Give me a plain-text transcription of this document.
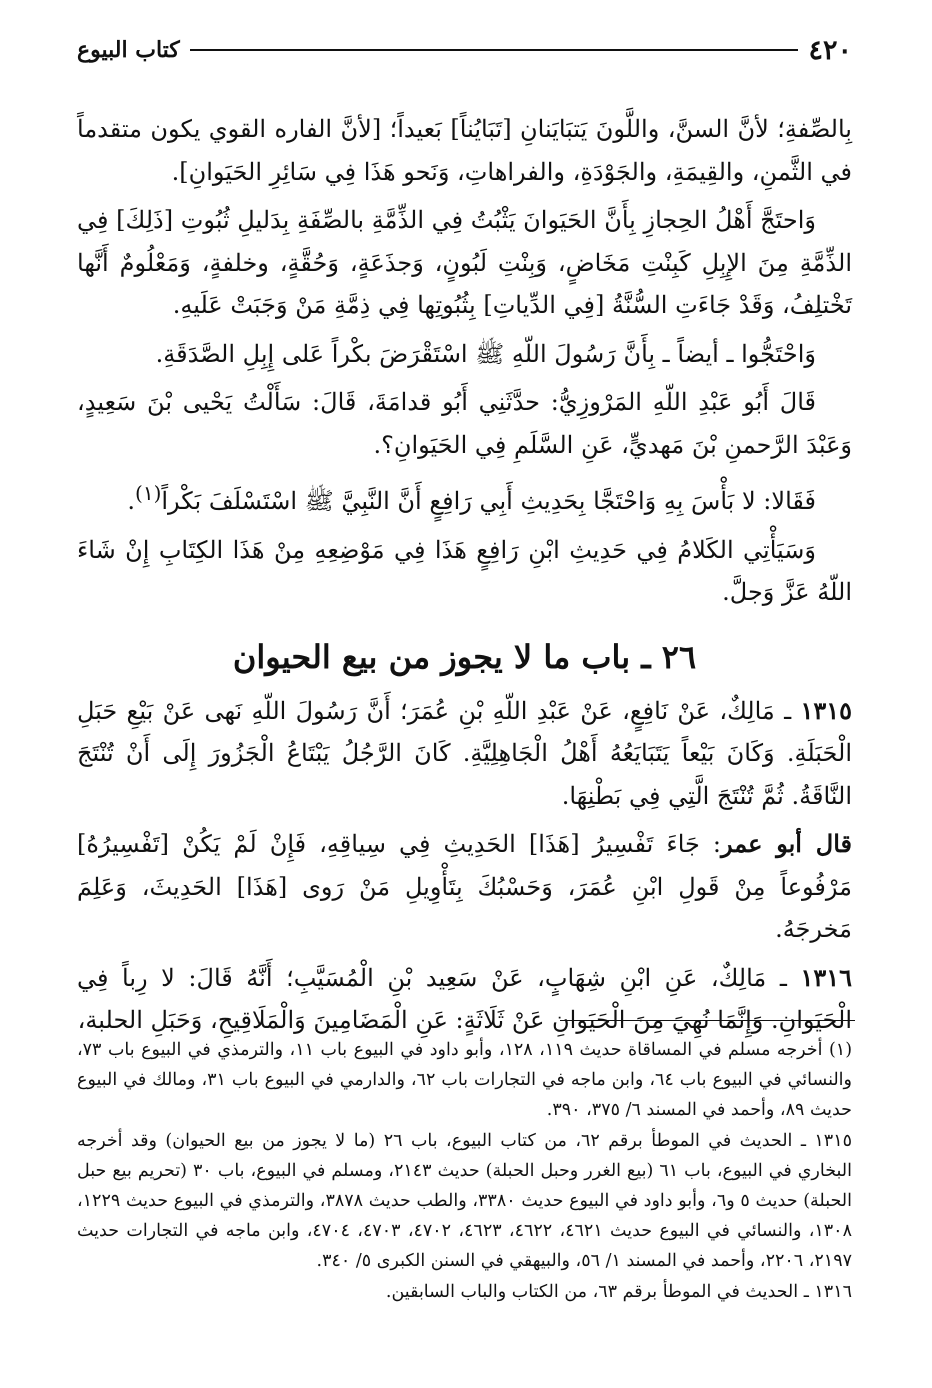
٤٢٠
كتاب البيوع

بِالصِّفةِ؛ لأنَّ السنَّ، واللَّونَ يَتبَايَنانِ [تَبَايُناً] بَعيداً؛ [لأنَّ الفاره القوي يكون متقدماً في الثَّمنِ، والقِيمَةِ، والجَوْدَةِ، والفراهاتِ، وَنَحو هَذَا فِي سَائِرِ الحَيَوانِ].

وَاحتَجَّ أَهْلُ الحِجازِ بِأَنَّ الحَيَوانَ يَثْبُتُ فِي الذِّمَّةِ بالصِّفَةِ بِدَليلِ ثُبُوتِ [ذَلِكَ] فِي الذِّمَّةِ مِنَ الإِبِلِ كَبِنْتِ مَخَاضٍ، وَبِنْتِ لَبُونٍ، وَجذَعَةٍ، وَحُقَّةٍ، وخلفةٍ، وَمَعْلُومٌ أَنَّها تَخْتلِفُ، وَقَدْ جَاءَتِ السُّنَّةُ [فِي الدِّياتِ] بِثُبُوتِها فِي ذِمَّةِ مَنْ وَجَبَتْ عَلَيهِ.

وَاحْتَجُّوا ـ أيضاً ـ بِأَنَّ رَسُولَ اللّهِ ﷺ اسْتَقْرَضَ بكْراً عَلى إِبِلِ الصَّدَقَةِ.

قَالَ أَبُو عَبْدِ اللّهِ المَرْوزِيُّ: حدَّثَنِي أَبُو قدامَةَ، قَالَ: سَأَلْتُ يَحْيى بْنَ سَعِيدٍ، وَعَبْدَ الرَّحمنِ بْنَ مَهديٍّ، عَنِ السَّلَمِ فِي الحَيَوانِ؟.

فَقَالا: لا بَأْسَ بِهِ وَاحْتَجَّا بِحَدِيثِ أَبِي رَافِعٍ أَنَّ النَّبِيَّ ﷺ اسْتَسْلَفَ بَكْراً$^{(١)}$.

وَسَيَأْتِي الكَلامُ فِي حَدِيثِ ابْنِ رَافِعٍ هَذَا فِي مَوْضِعِهِ مِنْ هَذَا الكِتَابِ إِنْ شَاءَ اللّهُ عَزَّ وَجلَّ.

٢٦ ـ باب ما لا يجوز من بيع الحيوان

١٣١٥ ـ مَالِكٌ، عَنْ نَافِعٍ، عَنْ عَبْدِ اللّهِ بْنِ عُمَرَ؛ أَنَّ رَسُولَ اللّهِ نَهى عَنْ بَيْعِ حَبَلِ الْحَبَلَةِ. وَكَانَ بَيْعاً يَتَبَايَعُهُ أَهْلُ الْجَاهِلِيَّةِ. كَانَ الرَّجُلُ يَبْتَاعُ الْجَزُورَ إِلَى أَنْ تُنْتَجَ النَّاقَةُ. ثُمَّ تُنْتَجَ الَّتِي فِي بَطْنِهَا.

قال أبو عمر: جَاءَ تَفْسِيرُ [هَذَا] الحَدِيثِ فِي سِياقِهِ، فَإِنْ لَمْ يَكُنْ [تَفْسِيرُهُ] مَرْفُوعاً مِنْ قَولِ ابْنِ عُمَرَ، وَحَسْبُكَ بِتَأْوِيلِ مَنْ رَوى [هَذَا] الحَدِيثَ، وَعَلِمَ مَخرجَهُ.

١٣١٦ ـ مَالِكٌ، عَنِ ابْنِ شِهَابٍ، عَنْ سَعِيد بْنِ الْمُسَيَّبِ؛ أَنَّهُ قَالَ: لا رِباً فِي الْحَيَوانِ. وَإِنَّمَا نُهِيَ مِنَ الْحَيَوانِ عَنْ ثَلَاثَةٍ: عَنِ الْمَضَامِينَ وَالْمَلَاقِيحِ، وَحَبَلِ الحلبة،

(١) أخرجه مسلم في المساقاة حديث ١١٩، ١٢٨، وأبو داود في البيوع باب ١١، والترمذي في البيوع باب ٧٣، والنسائي في البيوع باب ٦٤، وابن ماجه في التجارات باب ٦٢، والدارمي في البيوع باب ٣١، ومالك في البيوع حديث ٨٩، وأحمد في المسند ٦/ ٣٧٥، ٣٩٠.

١٣١٥ ـ الحديث في الموطأ برقم ٦٢، من كتاب البيوع، باب ٢٦ (ما لا يجوز من بيع الحيوان) وقد أخرجه البخاري في البيوع، باب ٦١ (بيع الغرر وحبل الحبلة) حديث ٢١٤٣، ومسلم في البيوع، باب ٣٠ (تحريم بيع حبل الحبلة) حديث ٥ و٦، وأبو داود في البيوع حديث ٣٣٨٠، والطب حديث ٣٨٧٨، والترمذي في البيوع حديث ١٢٢٩، ١٣٠٨، والنسائي في البيوع حديث ٤٦٢١، ٤٦٢٢، ٤٦٢٣، ٤٧٠٢، ٤٧٠٣، ٤٧٠٤، وابن ماجه في التجارات حديث ٢١٩٧، ٢٢٠٦، وأحمد في المسند ١/ ٥٦، والبيهقي في السنن الكبرى ٥/ ٣٤٠.

١٣١٦ ـ الحديث في الموطأ برقم ٦٣، من الكتاب والباب السابقين.
